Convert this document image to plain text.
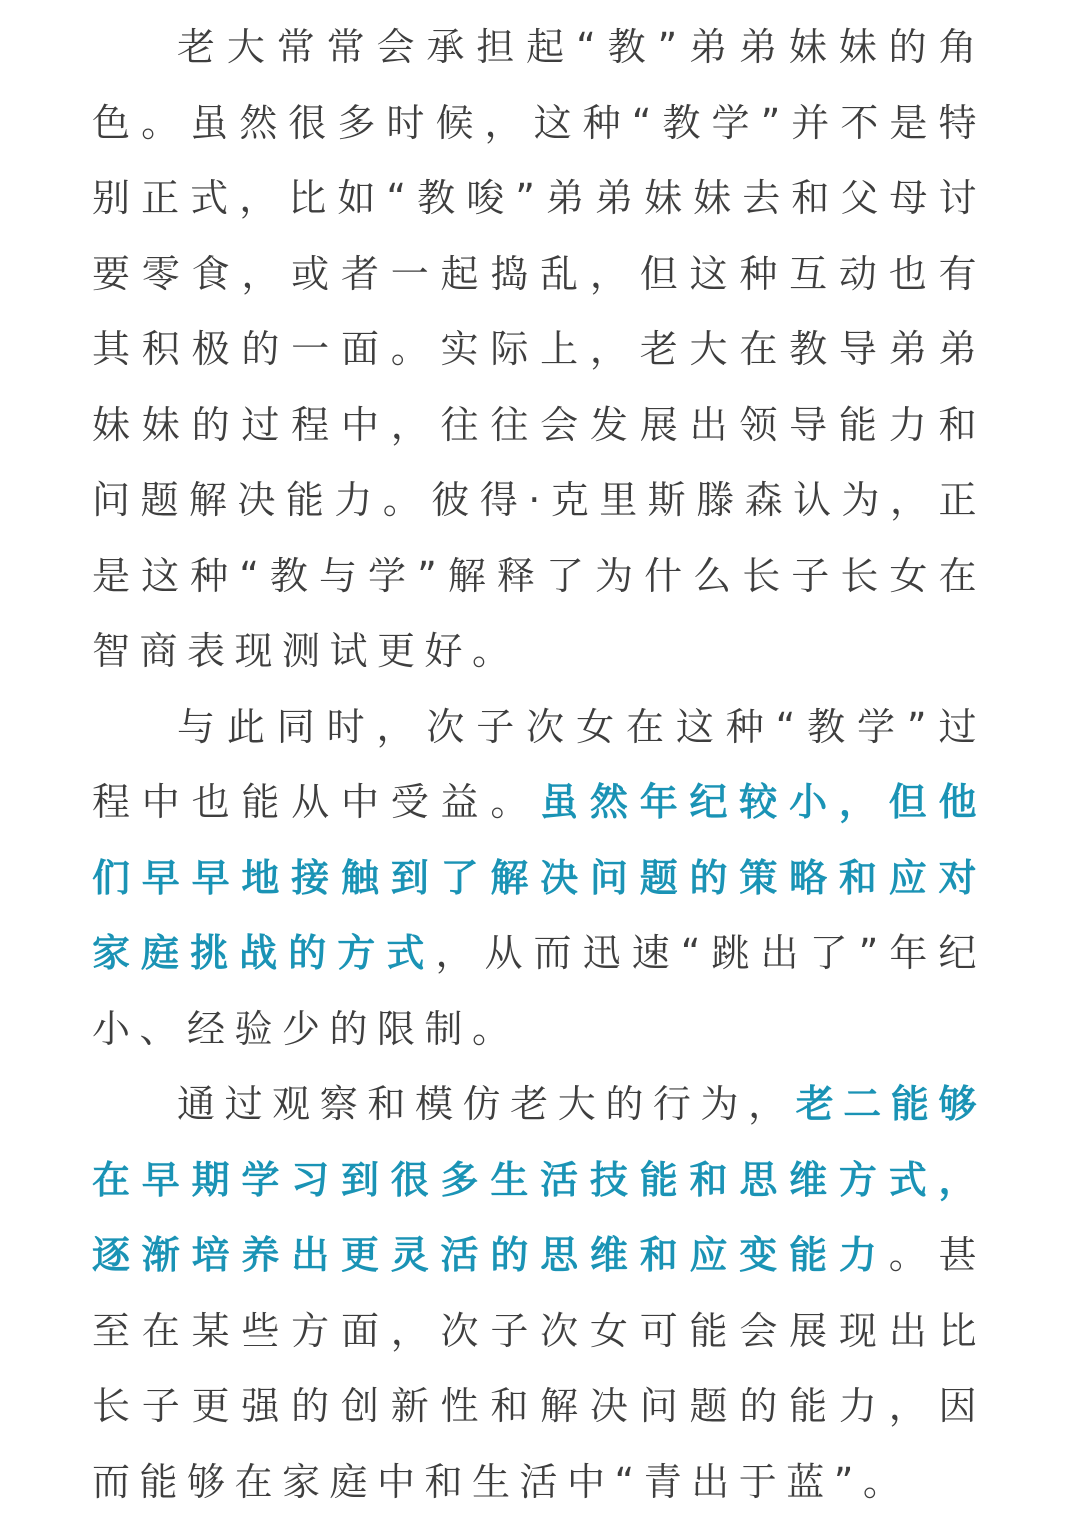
老大常常会承担起“教”弟弟妹妹的角色。虽然很多时候，这种“教学”并不是特别正式，比如“教唆”弟弟妹妹去和父母讨要零食，或者一起捣乱，但这种互动也有其积极的一面。实际上，老大在教导弟弟妹妹的过程中，往往会发展出领导能力和问题解决能力。彼得·克里斯滕森认为，正是这种“教与学”解释了为什么长子长女在智商表现测试更好。

与此同时，次子次女在这种“教学”过程中也能从中受益。虽然年纪较小，但他们早早地接触到了解决问题的策略和应对家庭挑战的方式，从而迅速“跳出了”年纪小、经验少的限制。

通过观察和模仿老大的行为，老二能够在早期学习到很多生活技能和思维方式，逐渐培养出更灵活的思维和应变能力。甚至在某些方面，次子次女可能会展现出比长子更强的创新性和解决问题的能力，因而能够在家庭中和生活中“青出于蓝”。
